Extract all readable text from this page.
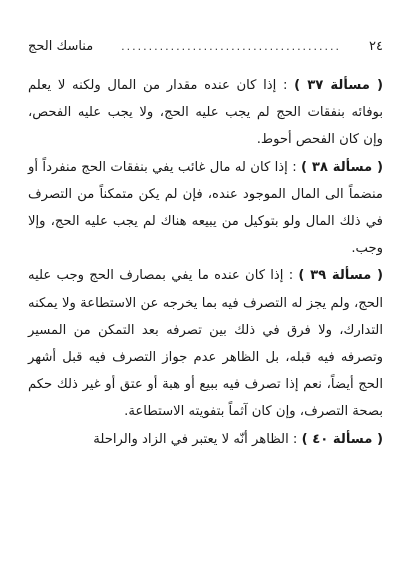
٢٤
........................................
مناسك الحج

( مسألة ٣٧ ) : إذا كان عنده مقدار من المال ولكنه لا يعلم بوفائه بنفقات الحج لم يجب عليه الحج، ولا يجب عليه الفحص، وإن كان الفحص أحوط.

( مسألة ٣٨ ) : إذا كان له مال غائب يفي بنفقات الحج منفرداً أو منضماً الى المال الموجود عنده، فإن لم يكن متمكناً من التصرف في ذلك المال ولو بتوكيل من يبيعه هناك لم يجب عليه الحج، وإلا وجب.

( مسألة ٣٩ ) : إذا كان عنده ما يفي بمصارف الحج وجب عليه الحج، ولم يجز له التصرف فيه بما يخرجه عن الاستطاعة ولا يمكنه التدارك، ولا فرق في ذلك بين تصرفه بعد التمكن من المسير وتصرفه فيه قبله، بل الظاهر عدم جواز التصرف فيه قبل أشهر الحج أيضاً، نعم إذا تصرف فيه ببيع أو هبة أو عتق أو غير ذلك حكم بصحة التصرف، وإن كان آثماً بتفويته الاستطاعة.

( مسألة ٤٠ ) : الظاهر أنّه لا يعتبر في الزاد والراحلة
